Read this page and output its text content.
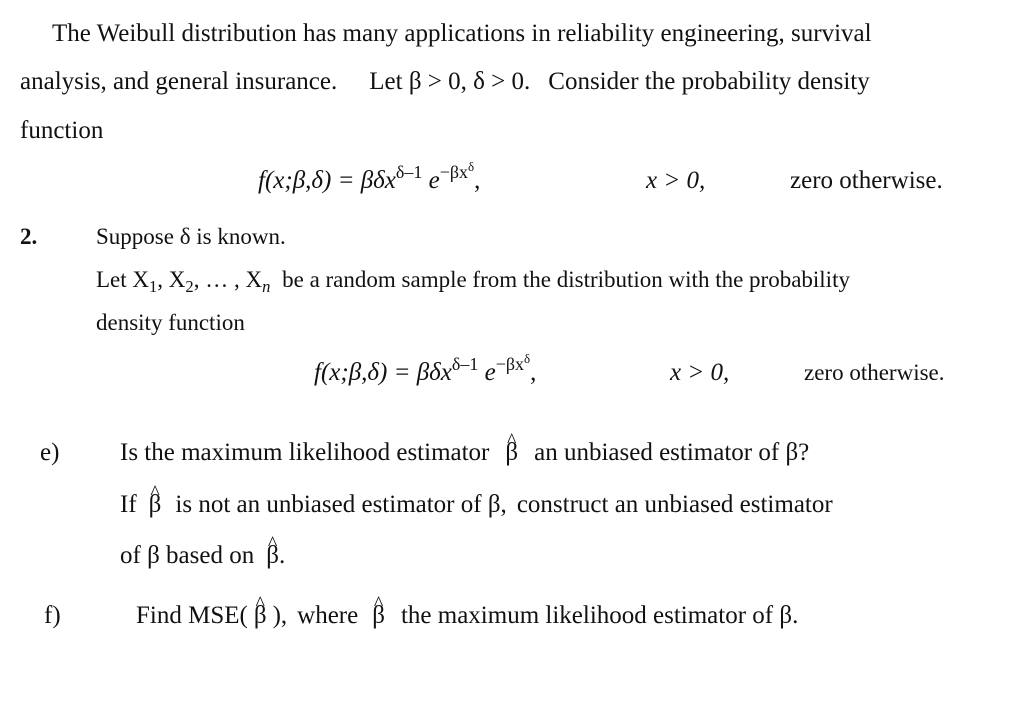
The Weibull distribution has many applications in reliability engineering, survival
analysis, and general insurance. Let β > 0, δ > 0. Consider the probability density
function
f(x;β,δ) = βδx$^{\delta-1}$ $e^{-\beta x^\delta}$,	x > 0,	zero otherwise.
2.	Suppose δ is known.
Let $X_1$, $X_2$, … , $X_n$ be a random sample from the distribution with the probability
density function
f(x;β,δ) = βδx$^{\delta-1}$ $e^{-\beta x^\delta}$,	x > 0,	zero otherwise.
e) Is the maximum likelihood estimator ^ β an unbiased estimator of β?
If ^ β is not an unbiased estimator of β, construct an unbiased estimator
of β based on ^ β.
f)	Find MSE( ^ β ), where ^ β the maximum likelihood estimator of β.
